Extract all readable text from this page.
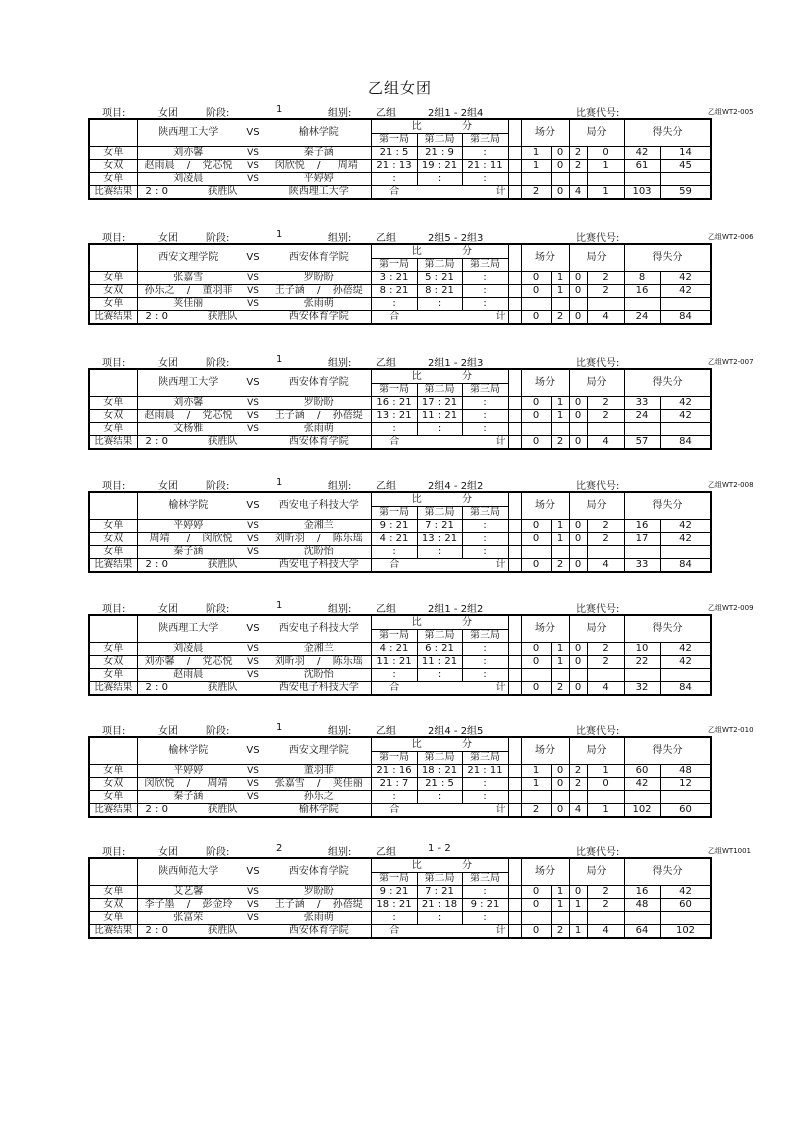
乙组女团
项目:	女团	阶段:	1	组别: 乙组	2组1 - 2组4	比赛代号:	乙组WT2-005
	陕西理工大学	VS	榆林学院	比		分		场分		局分		得失分	
				第一局	第二局	第三局	
女单	刘亦馨	VS	秦子涵	21 : 5	21 : 9	:		1	0	2	0	42	14	
女双	赵雨晨 / 党芯悦	VS	闵欣悦 / 周靖	21 : 13	19 : 21	21 : 11		1	0	2	1	61	45	
女单	刘凌晨	VS	平婷婷	:	:	:								
比赛结果	2 : 0 获胜队		陕西理工大学	合		计		2	0	4	1	103	59	
项目:	女团	阶段:	1	组别: 乙组	2组5 - 2组3	比赛代号:	乙组WT2-006
	西安文理学院	VS	西安体育学院	比		分		场分		局分		得失分	
				第一局	第二局	第三局	
女单	张嘉雪	VS	罗盼盼	3 : 21	5 : 21	:		0	1	0	2	8	42	
女双	孙乐之 / 董羽菲	VS	王子涵 / 孙蓓缇	8 : 21	8 : 21	:		0	1	0	2	16	42	
女单	荚佳丽	VS	张雨萌	:	:	:								
比赛结果	2 : 0 获胜队		西安体育学院	合		计		0	2	0	4	24	84	
项目:	女团	阶段:	1	组别: 乙组	2组1 - 2组3	比赛代号:	乙组WT2-007
	陕西理工大学	VS	西安体育学院	比		分		场分		局分		得失分	
				第一局	第二局	第三局	
女单	刘亦馨	VS	罗盼盼	16 : 21	17 : 21	:		0	1	0	2	33	42	
女双	赵雨晨 / 党芯悦	VS	王子涵 / 孙蓓缇	13 : 21	11 : 21	:		0	1	0	2	24	42	
女单	文杨雅	VS	张雨萌	:	:	:								
比赛结果	2 : 0 获胜队		西安体育学院	合		计		0	2	0	4	57	84	
项目:	女团	阶段:	1	组别: 乙组	2组4 - 2组2	比赛代号:	乙组WT2-008
	榆林学院	VS	西安电子科技大学	比		分		场分		局分		得失分	
				第一局	第二局	第三局	
女单	平婷婷	VS	金湘兰	9 : 21	7 : 21	:		0	1	0	2	16	42	
女双	周靖 / 闵欣悦	VS	刘昕羽 / 陈乐瑶	4 : 21	13 : 21	:		0	1	0	2	17	42	
女单	秦子涵	VS	沈盼怡	:	:	:								
比赛结果	2 : 0 获胜队		西安电子科技大学	合		计		0	2	0	4	33	84	
项目:	女团	阶段:	1	组别: 乙组	2组1 - 2组2	比赛代号:	乙组WT2-009
	陕西理工大学	VS	西安电子科技大学	比		分		场分		局分		得失分	
				第一局	第二局	第三局	
女单	刘凌晨	VS	金湘兰	4 : 21	6 : 21	:		0	1	0	2	10	42	
女双	刘亦馨 / 党芯悦	VS	刘昕羽 / 陈乐瑶	11 : 21	11 : 21	:		0	1	0	2	22	42	
女单	赵雨晨	VS	沈盼怡	:	:	:								
比赛结果	2 : 0 获胜队		西安电子科技大学	合		计		0	2	0	4	32	84	
项目:	女团	阶段:	1	组别: 乙组	2组4 - 2组5	比赛代号:	乙组WT2-010
	榆林学院	VS	西安文理学院	比		分		场分		局分		得失分	
				第一局	第二局	第三局	
女单	平婷婷	VS	董羽菲	21 : 16	18 : 21	21 : 11		1	0	2	1	60	48	
女双	闵欣悦 / 周靖	VS	张嘉雪 / 荚佳丽	21 : 7	21 : 5	:		1	0	2	0	42	12	
女单	秦子涵	VS	孙乐之	:	:	:								
比赛结果	2 : 0 获胜队		榆林学院	合		计		2	0	4	1	102	60	
项目:	女团	阶段:	2	组别: 乙组	1 - 2	比赛代号:	乙组WT1001
	陕西师范大学	VS	西安体育学院	比		分		场分		局分		得失分	
				第一局	第二局	第三局	
女单	艾艺馨	VS	罗盼盼	9 : 21	7 : 21	:		0	1	0	2	16	42	
女双	李子墨 / 彭金玲	VS	王子涵 / 孙蓓缇	18 : 21	21 : 18	9 : 21		0	1	1	2	48	60	
女单	张富荣	VS	张雨萌	:	:	:								
比赛结果	2 : 0 获胜队		西安体育学院	合		计		0	2	1	4	64	102	
